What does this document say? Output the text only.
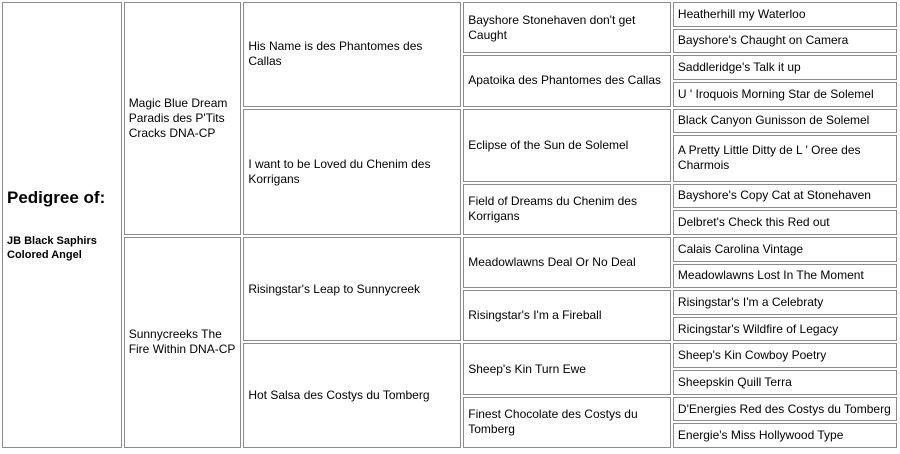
Pedigree of:
JB Black Saphirs Colored Angel	Magic Blue Dream Paradis des P'Tits Cracks DNA-CP	His Name is des Phantomes des Callas	Bayshore Stonehaven don't get Caught	Heatherhill my Waterloo
				Bayshore's Chaught on Camera
			Apatoika des Phantomes des Callas	Saddleridge's Talk it up
				U ' Iroquois Morning Star de Solemel
		I want to be Loved du Chenim des Korrigans	Eclipse of the Sun de Solemel	Black Canyon Gunisson de Solemel
				A Pretty Little Ditty de L ' Oree des Charmois
			Field of Dreams du Chenim des Korrigans	Bayshore's Copy Cat at Stonehaven
				Delbret's Check this Red out
	Sunnycreeks The Fire Within DNA-CP	Risingstar's Leap to Sunnycreek	Meadowlawns Deal Or No Deal	Calais Carolina Vintage
				Meadowlawns Lost In The Moment
			Risingstar's I'm a Fireball	Risingstar's I'm a Celebraty
				Ricingstar's Wildfire of Legacy
		Hot Salsa des Costys du Tomberg	Sheep's Kin Turn Ewe	Sheep's Kin Cowboy Poetry
				Sheepskin Quill Terra
			Finest Chocolate des Costys du Tomberg	D'Energies Red des Costys du Tomberg
				Energie's Miss Hollywood Type
